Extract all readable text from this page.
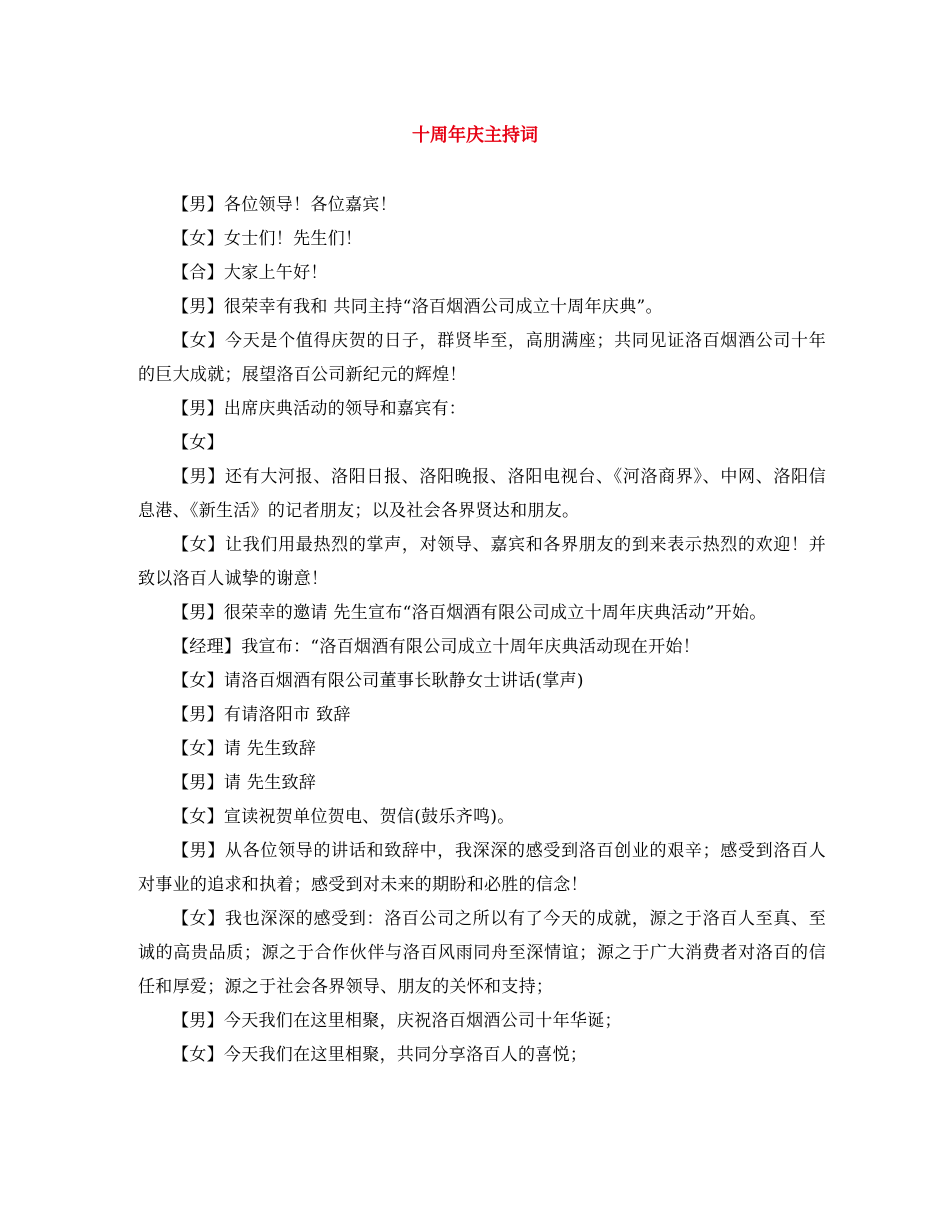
十周年庆主持词

【男】各位领导！各位嘉宾！

【女】女士们！先生们！

【合】大家上午好！

【男】很荣幸有我和 共同主持“洛百烟酒公司成立十周年庆典”。

【女】今天是个值得庆贺的日子，群贤毕至，高朋满座；共同见证洛百烟酒公司十年的巨大成就；展望洛百公司新纪元的辉煌！

【男】出席庆典活动的领导和嘉宾有：

【女】

【男】还有大河报、洛阳日报、洛阳晚报、洛阳电视台、《河洛商界》、中网、洛阳信息港、《新生活》的记者朋友；以及社会各界贤达和朋友。

【女】让我们用最热烈的掌声，对领导、嘉宾和各界朋友的到来表示热烈的欢迎！并致以洛百人诚挚的谢意！

【男】很荣幸的邀请 先生宣布“洛百烟酒有限公司成立十周年庆典活动”开始。

【经理】我宣布：“洛百烟酒有限公司成立十周年庆典活动现在开始！

【女】请洛百烟酒有限公司董事长耿静女士讲话(掌声)

【男】有请洛阳市 致辞

【女】请 先生致辞

【男】请 先生致辞

【女】宣读祝贺单位贺电、贺信(鼓乐齐鸣)。

【男】从各位领导的讲话和致辞中，我深深的感受到洛百创业的艰辛；感受到洛百人对事业的追求和执着；感受到对未来的期盼和必胜的信念！

【女】我也深深的感受到：洛百公司之所以有了今天的成就，源之于洛百人至真、至诚的高贵品质；源之于合作伙伴与洛百风雨同舟至深情谊；源之于广大消费者对洛百的信任和厚爱；源之于社会各界领导、朋友的关怀和支持；

【男】今天我们在这里相聚，庆祝洛百烟酒公司十年华诞；

【女】今天我们在这里相聚，共同分享洛百人的喜悦；
